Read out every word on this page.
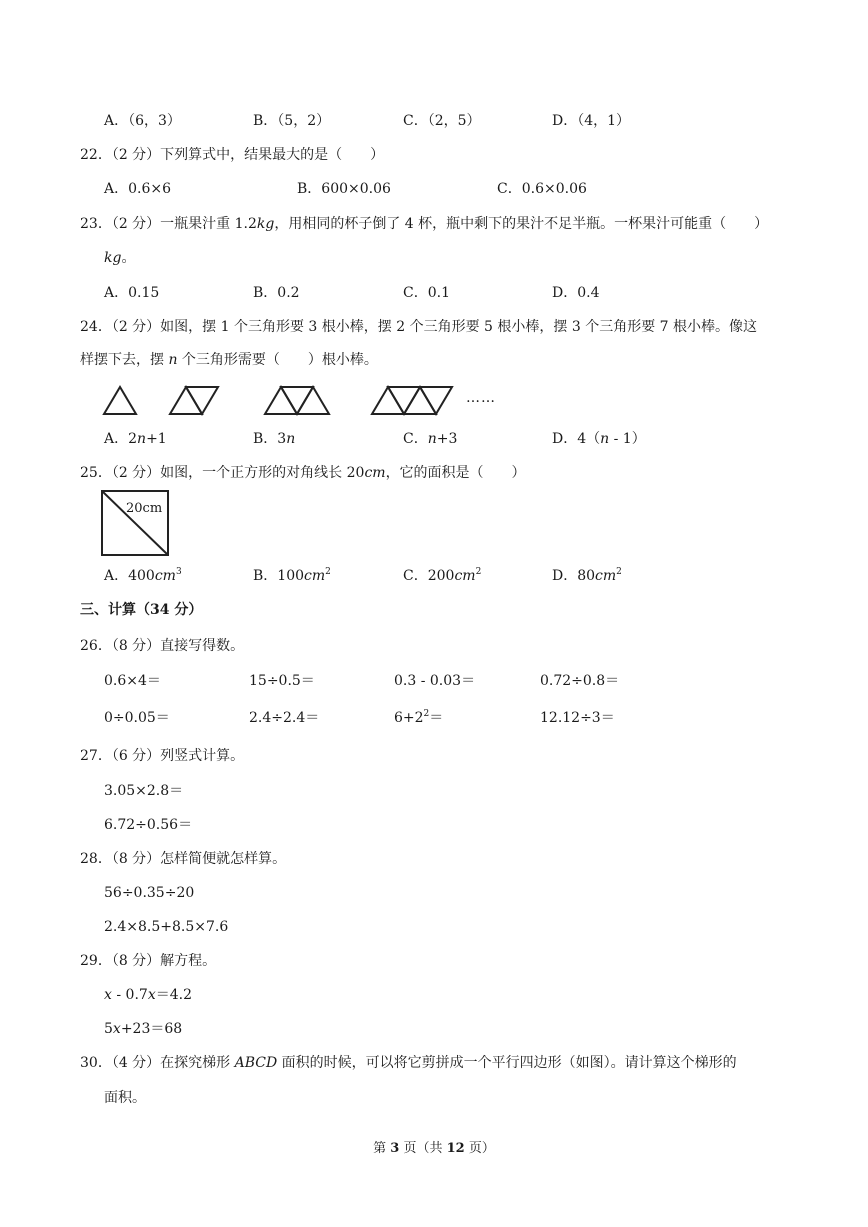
A．（6，3）	B．（5，2）	C．（2，5）	D．（4，1）
22．（2 分）下列算式中，结果最大的是（　　）
A．0.6×6	B．600×0.06	C．0.6×0.06
23．（2 分）一瓶果汁重 1.2kg，用相同的杯子倒了 4 杯，瓶中剩下的果汁不足半瓶。一杯果汁可能重（　　）
kg。
A．0.15	B．0.2	C．0.1	D．0.4
24．（2 分）如图，摆 1 个三角形要 3 根小棒，摆 2 个三角形要 5 根小棒，摆 3 个三角形要 7 根小棒。像这
样摆下去，摆 n 个三角形需要（　　）根小棒。
……
A．2n+1	B．3n	C．n+3	D．4（n - 1）
25．（2 分）如图，一个正方形的对角线长 20cm，它的面积是（　　）
20cm
A．$400cm^3$	B．$100cm^2$	C．$200cm^2$	D．$80cm^2$
三、计算（34 分）
26．（8 分）直接写得数。
0.6×4＝	15÷0.5＝	0.3 - 0.03＝	0.72÷0.8＝
0÷0.05＝	2.4÷2.4＝	$6+2^2=$	12.12÷3＝
27．（6 分）列竖式计算。
3.05×2.8＝
6.72÷0.56＝
28．（8 分）怎样简便就怎样算。
56÷0.35÷20
2.4×8.5+8.5×7.6
29．（8 分）解方程。
x - 0.7x＝4.2
5x+23＝68
30．（4 分）在探究梯形 ABCD 面积的时候，可以将它剪拼成一个平行四边形（如图）。请计算这个梯形的
面积。
第 3 页（共 12 页）
